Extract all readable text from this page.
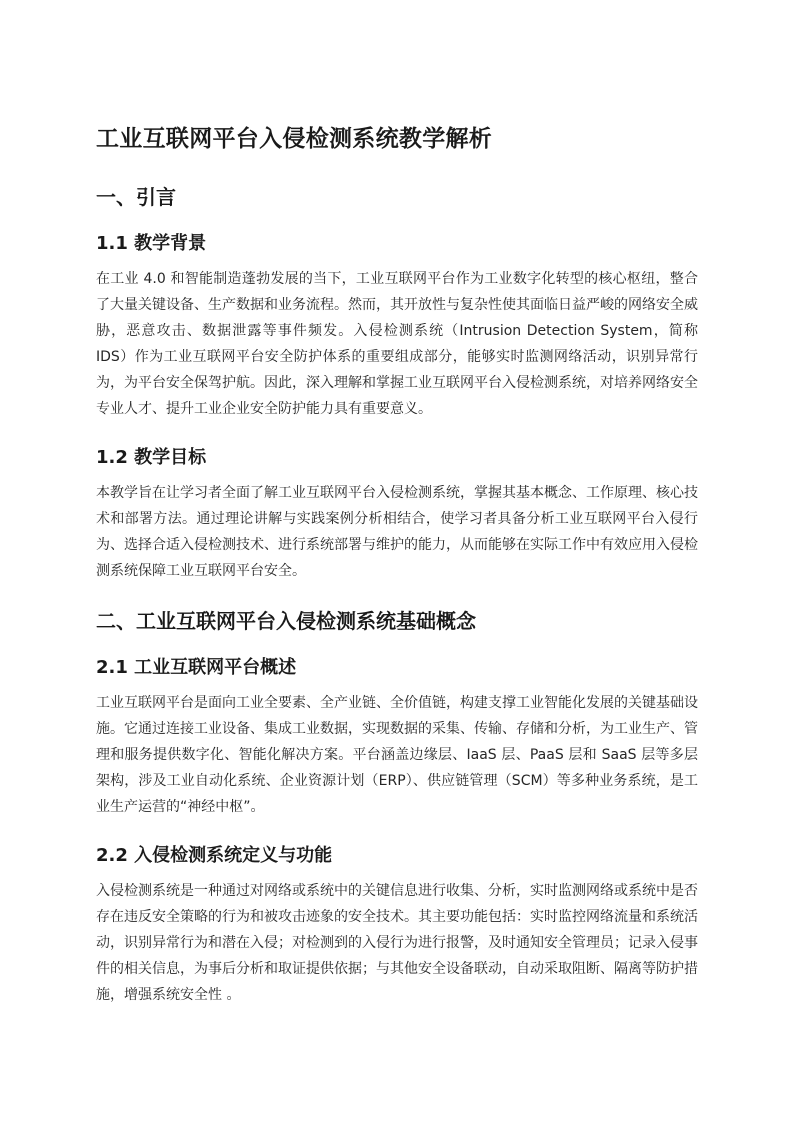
工业互联网平台入侵检测系统教学解析
一、引言
1.1 教学背景

在工业 4.0 和智能制造蓬勃发展的当下，工业互联网平台作为工业数字化转型的核心枢纽，整合了大量关键设备、生产数据和业务流程。然而，其开放性与复杂性使其面临日益严峻的网络安全威胁，恶意攻击、数据泄露等事件频发。入侵检测系统（Intrusion Detection System，简称 IDS）作为工业互联网平台安全防护体系的重要组成部分，能够实时监测网络活动，识别异常行为，为平台安全保驾护航。因此，深入理解和掌握工业互联网平台入侵检测系统，对培养网络安全专业人才、提升工业企业安全防护能力具有重要意义。

1.2 教学目标

本教学旨在让学习者全面了解工业互联网平台入侵检测系统，掌握其基本概念、工作原理、核心技术和部署方法。通过理论讲解与实践案例分析相结合，使学习者具备分析工业互联网平台入侵行为、选择合适入侵检测技术、进行系统部署与维护的能力，从而能够在实际工作中有效应用入侵检测系统保障工业互联网平台安全。

二、工业互联网平台入侵检测系统基础概念
2.1 工业互联网平台概述

工业互联网平台是面向工业全要素、全产业链、全价值链，构建支撑工业智能化发展的关键基础设施。它通过连接工业设备、集成工业数据，实现数据的采集、传输、存储和分析，为工业生产、管理和服务提供数字化、智能化解决方案。平台涵盖边缘层、IaaS 层、PaaS 层和 SaaS 层等多层架构，涉及工业自动化系统、企业资源计划（ERP）、供应链管理（SCM）等多种业务系统，是工业生产运营的“神经中枢”。

2.2 入侵检测系统定义与功能

入侵检测系统是一种通过对网络或系统中的关键信息进行收集、分析，实时监测网络或系统中是否存在违反安全策略的行为和被攻击迹象的安全技术。其主要功能包括：实时监控网络流量和系统活动，识别异常行为和潜在入侵；对检测到的入侵行为进行报警，及时通知安全管理员；记录入侵事件的相关信息，为事后分析和取证提供依据；与其他安全设备联动，自动采取阻断、隔离等防护措施，增强系统安全性 。
